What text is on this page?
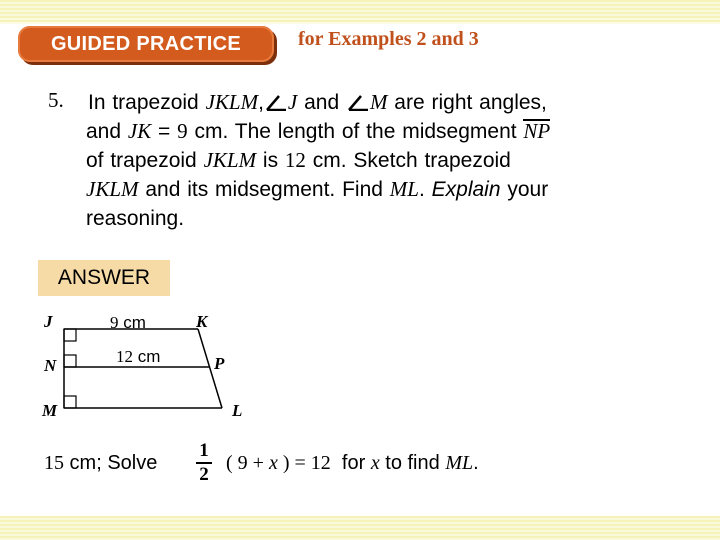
GUIDED PRACTICE	for Examples 2 and 3
5. In trapezoid JKLM, J and M are right angles,
and JK = 9 cm. The length of the midsegment NP
of trapezoid JKLM is 12 cm. Sketch trapezoid
JKLM and its midsegment. Find ML. Explain your
reasoning.
ANSWER
J	K
N	P
M	L
9 cm
12 cm
15 cm; Solve
1
2
( 9 + x ) = 12  for x to find ML.
